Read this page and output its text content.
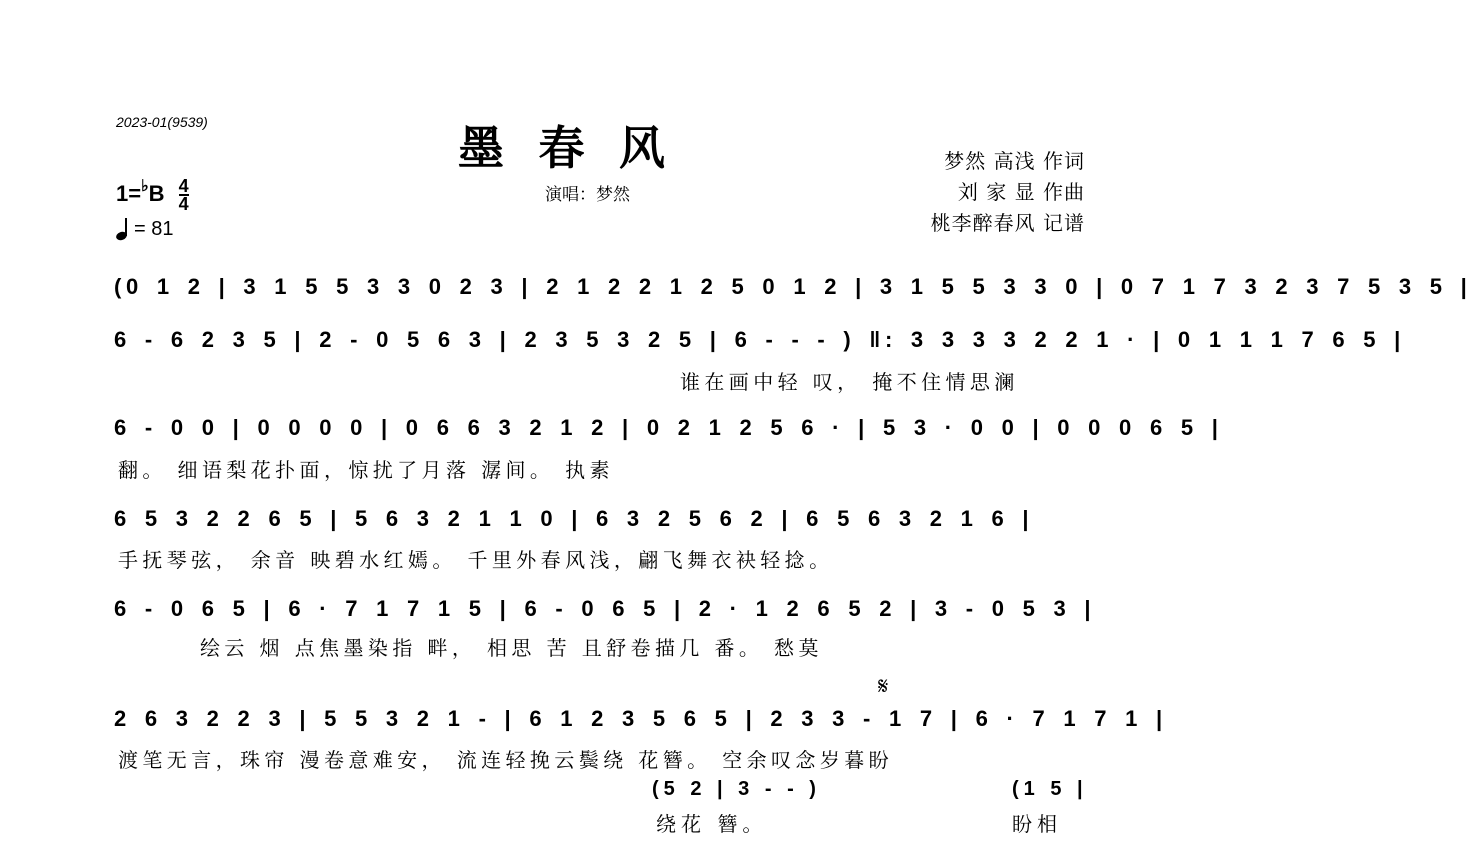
2023-01(9539)	墨春风
演唱：梦然
梦然 高浅 作词
刘 家 显 作曲
桃李醉春风 记谱
$1=^♭B \frac{4}{4}$
= 81
(0 1 2 | 3 1 5 5 3 3 0 2 3 | 2 1 2 2 1 2 5 0 1 2 | 3 1 5 5 3 3 0 | 0 7 1 7 3 2 3 7 5 3 5 |
6 - 6 2 3 5 | 2 - 0 5 6 3 | 2 3 5 3 2 5 | 6 - - - ) ‖: 3 3 3 3 2 2 1 · | 0 1 1 1 7 6 5 |
谁在画中轻 叹， 掩不住情思澜
6 - 0 0 | 0 0 0 0 | 0 6 6 3 2 1 2 | 0 2 1 2 5 6 · | 5 3 · 0 0 | 0 0 0 6 5 |
翻。 细语梨花扑面，惊扰了月落 潺间。 执素
6 5 3 2 2 6 5 | 5 6 3 2 1 1 0 | 6 3 2 5 6 2 | 6 5 6 3 2 1 6 |
手抚琴弦， 余音 映碧水红嫣。 千里外春风浅，翩飞舞衣袂轻捻。
6 - 0 6 5 | 6 · 7 1 7 1 5 | 6 - 0 6 5 | 2 · 1 2 6 5 2 | 3 - 0 5 3 |
绘云 烟 点焦墨染指 畔， 相思 苦 且舒卷描几 番。 愁莫
𝄋
2 6 3 2 2 3 | 5 5 3 2 1 - | 6 1 2 3 5 6 5 | 2 3 3 - 1 7 | 6 · 7 1 7 1 |
渡笔无言，珠帘 漫卷意难安， 流连轻挽云鬓绕 花簪。 空余叹念岁暮盼
(5 2 | 3 - - )
绕花 簪。
(1 5 |
盼相
